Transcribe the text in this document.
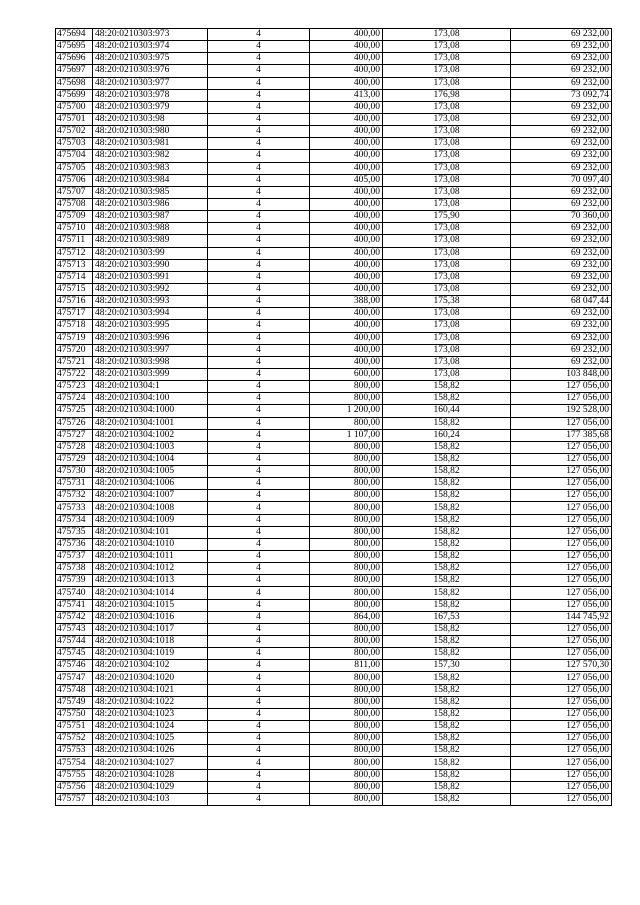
475694	48:20:0210303:973	4	400,00	173,08	69 232,00
475695	48:20:0210303:974	4	400,00	173,08	69 232,00
475696	48:20:0210303:975	4	400,00	173,08	69 232,00
475697	48:20:0210303:976	4	400,00	173,08	69 232,00
475698	48:20:0210303:977	4	400,00	173,08	69 232,00
475699	48:20:0210303:978	4	413,00	176,98	73 092,74
475700	48:20:0210303:979	4	400,00	173,08	69 232,00
475701	48:20:0210303:98	4	400,00	173,08	69 232,00
475702	48:20:0210303:980	4	400,00	173,08	69 232,00
475703	48:20:0210303:981	4	400,00	173,08	69 232,00
475704	48:20:0210303:982	4	400,00	173,08	69 232,00
475705	48:20:0210303:983	4	400,00	173,08	69 232,00
475706	48:20:0210303:984	4	405,00	173,08	70 097,40
475707	48:20:0210303:985	4	400,00	173,08	69 232,00
475708	48:20:0210303:986	4	400,00	173,08	69 232,00
475709	48:20:0210303:987	4	400,00	175,90	70 360,00
475710	48:20:0210303:988	4	400,00	173,08	69 232,00
475711	48:20:0210303:989	4	400,00	173,08	69 232,00
475712	48:20:0210303:99	4	400,00	173,08	69 232,00
475713	48:20:0210303:990	4	400,00	173,08	69 232,00
475714	48:20:0210303:991	4	400,00	173,08	69 232,00
475715	48:20:0210303:992	4	400,00	173,08	69 232,00
475716	48:20:0210303:993	4	388,00	175,38	68 047,44
475717	48:20:0210303:994	4	400,00	173,08	69 232,00
475718	48:20:0210303:995	4	400,00	173,08	69 232,00
475719	48:20:0210303:996	4	400,00	173,08	69 232,00
475720	48:20:0210303:997	4	400,00	173,08	69 232,00
475721	48:20:0210303:998	4	400,00	173,08	69 232,00
475722	48:20:0210303:999	4	600,00	173,08	103 848,00
475723	48:20:0210304:1	4	800,00	158,82	127 056,00
475724	48:20:0210304:100	4	800,00	158,82	127 056,00
475725	48:20:0210304:1000	4	1 200,00	160,44	192 528,00
475726	48:20:0210304:1001	4	800,00	158,82	127 056,00
475727	48:20:0210304:1002	4	1 107,00	160,24	177 385,68
475728	48:20:0210304:1003	4	800,00	158,82	127 056,00
475729	48:20:0210304:1004	4	800,00	158,82	127 056,00
475730	48:20:0210304:1005	4	800,00	158,82	127 056,00
475731	48:20:0210304:1006	4	800,00	158,82	127 056,00
475732	48:20:0210304:1007	4	800,00	158,82	127 056,00
475733	48:20:0210304:1008	4	800,00	158,82	127 056,00
475734	48:20:0210304:1009	4	800,00	158,82	127 056,00
475735	48:20:0210304:101	4	800,00	158,82	127 056,00
475736	48:20:0210304:1010	4	800,00	158,82	127 056,00
475737	48:20:0210304:1011	4	800,00	158,82	127 056,00
475738	48:20:0210304:1012	4	800,00	158,82	127 056,00
475739	48:20:0210304:1013	4	800,00	158,82	127 056,00
475740	48:20:0210304:1014	4	800,00	158,82	127 056,00
475741	48:20:0210304:1015	4	800,00	158,82	127 056,00
475742	48:20:0210304:1016	4	864,00	167,53	144 745,92
475743	48:20:0210304:1017	4	800,00	158,82	127 056,00
475744	48:20:0210304:1018	4	800,00	158,82	127 056,00
475745	48:20:0210304:1019	4	800,00	158,82	127 056,00
475746	48:20:0210304:102	4	811,00	157,30	127 570,30
475747	48:20:0210304:1020	4	800,00	158,82	127 056,00
475748	48:20:0210304:1021	4	800,00	158,82	127 056,00
475749	48:20:0210304:1022	4	800,00	158,82	127 056,00
475750	48:20:0210304:1023	4	800,00	158,82	127 056,00
475751	48:20:0210304:1024	4	800,00	158,82	127 056,00
475752	48:20:0210304:1025	4	800,00	158,82	127 056,00
475753	48:20:0210304:1026	4	800,00	158,82	127 056,00
475754	48:20:0210304:1027	4	800,00	158,82	127 056,00
475755	48:20:0210304:1028	4	800,00	158,82	127 056,00
475756	48:20:0210304:1029	4	800,00	158,82	127 056,00
475757	48:20:0210304:103	4	800,00	158,82	127 056,00
